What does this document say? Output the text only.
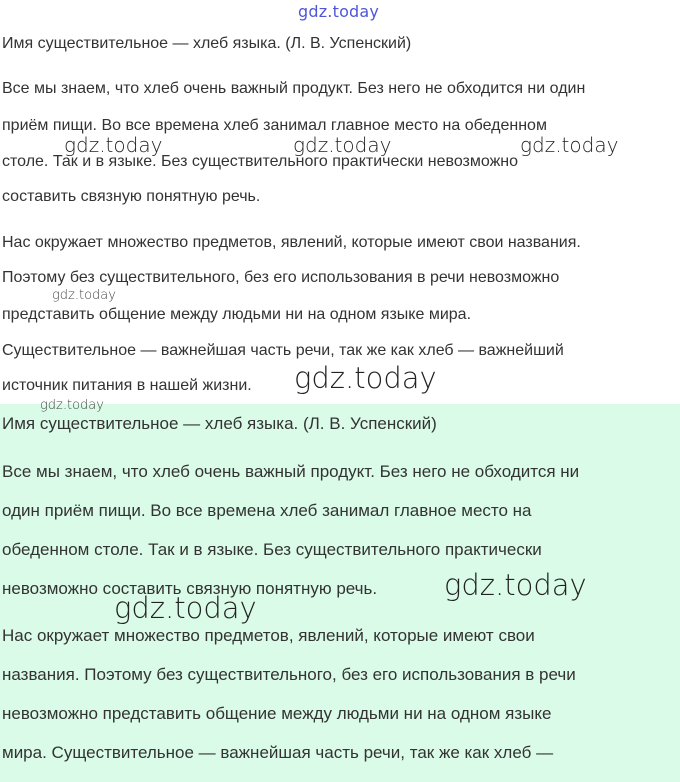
gdz.today
Имя существительное — хлеб языка. (Л. В. Успенский)
Все мы знаем, что хлеб очень важный продукт. Без него не обходится ни один
приём пищи. Во все времена хлеб занимал главное место на обеденном
столе. Так и в языке. Без существительного практически невозможно
составить связную понятную речь.
Нас окружает множество предметов, явлений, которые имеют свои названия.
Поэтому без существительного, без его использования в речи невозможно
представить общение между людьми ни на одном языке мира.
Существительное — важнейшая часть речи, так же как хлеб — важнейший
источник питания в нашей жизни.
Имя существительное — хлеб языка. (Л. В. Успенский)
Все мы знаем, что хлеб очень важный продукт. Без него не обходится ни
один приём пищи. Во все времена хлеб занимал главное место на
обеденном столе. Так и в языке. Без существительного практически
невозможно составить связную понятную речь.
Нас окружает множество предметов, явлений, которые имеют свои
названия. Поэтому без существительного, без его использования в речи
невозможно представить общение между людьми ни на одном языке
мира. Существительное — важнейшая часть речи, так же как хлеб —
gdz.today	gdz.today	gdz.today
gdz.today
gdz.today
gdz.today
gdz.today
gdz.today
